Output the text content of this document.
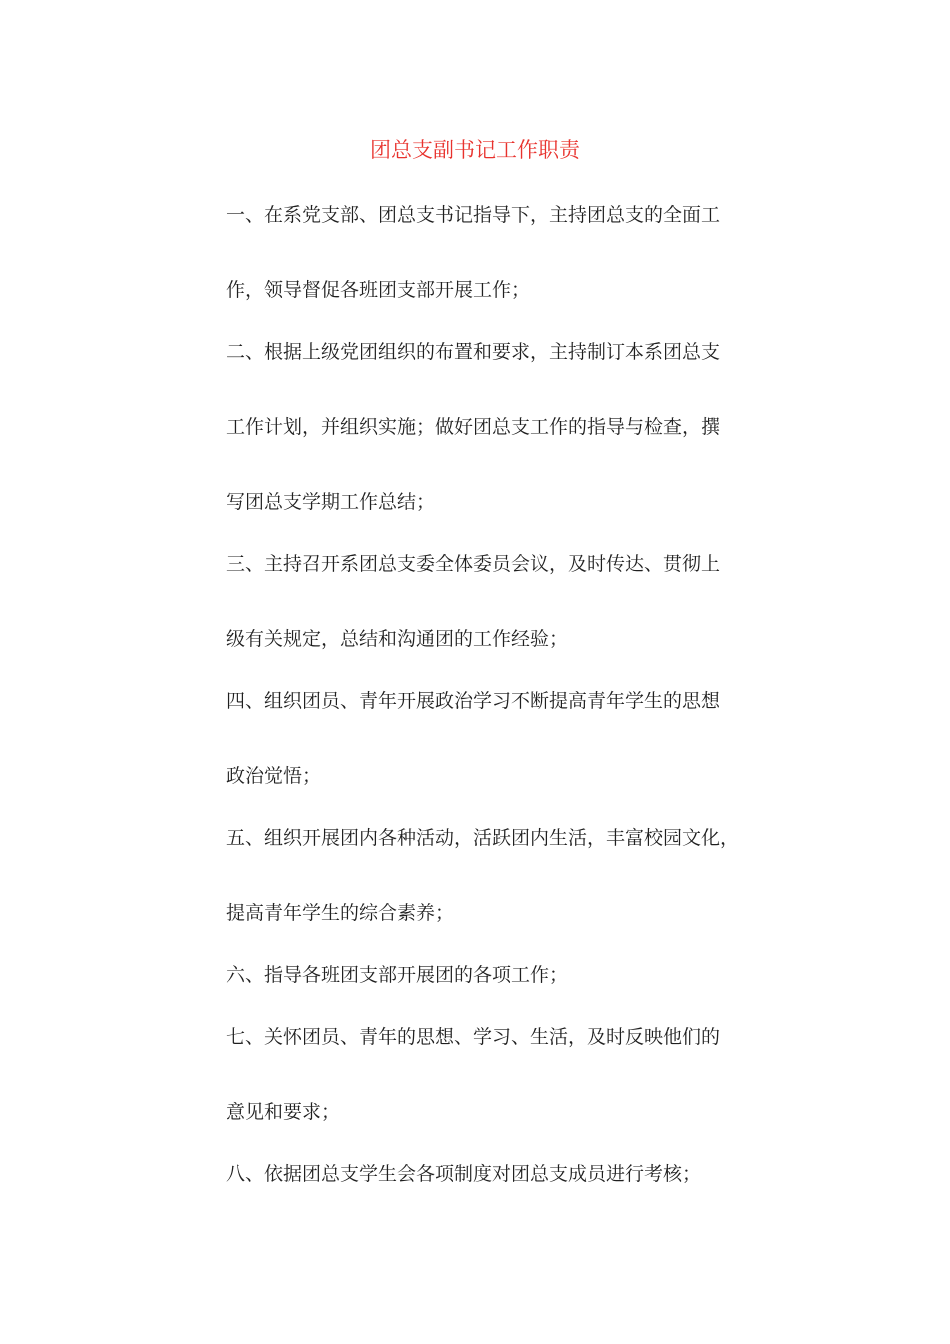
团总支副书记工作职责
一、在系党支部、团总支书记指导下，主持团总支的全面工
作，领导督促各班团支部开展工作；
二、根据上级党团组织的布置和要求，主持制订本系团总支
工作计划，并组织实施；做好团总支工作的指导与检查，撰
写团总支学期工作总结；
三、主持召开系团总支委全体委员会议，及时传达、贯彻上
级有关规定，总结和沟通团的工作经验；
四、组织团员、青年开展政治学习不断提高青年学生的思想
政治觉悟；
五、组织开展团内各种活动，活跃团内生活，丰富校园文化，
提高青年学生的综合素养；
六、指导各班团支部开展团的各项工作；
七、关怀团员、青年的思想、学习、生活，及时反映他们的
意见和要求；
八、依据团总支学生会各项制度对团总支成员进行考核；
